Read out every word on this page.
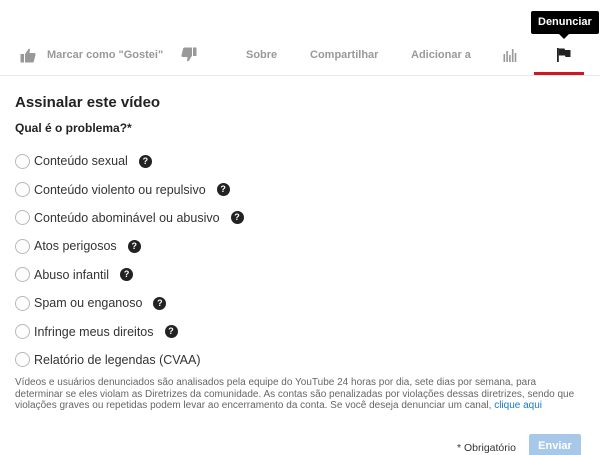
Marcar como "Gostei"	Sobre	Compartilhar	Adicionar a
Denunciar
Assinalar este vídeo
Qual é o problema?*
Conteúdo sexual	?
Conteúdo violento ou repulsivo	?
Conteúdo abominável ou abusivo	?
Atos perigosos	?
Abuso infantil	?
Spam ou enganoso	?
Infringe meus direitos	?
Relatório de legendas (CVAA)
Vídeos e usuários denunciados são analisados pela equipe do YouTube 24 horas por dia, sete dias por semana, para determinar se eles violam as Diretrizes da comunidade. As contas são penalizadas por violações dessas diretrizes, sendo que violações graves ou repetidas podem levar ao encerramento da conta. Se você deseja denunciar um canal, clique aqui
* Obrigatório	Enviar
